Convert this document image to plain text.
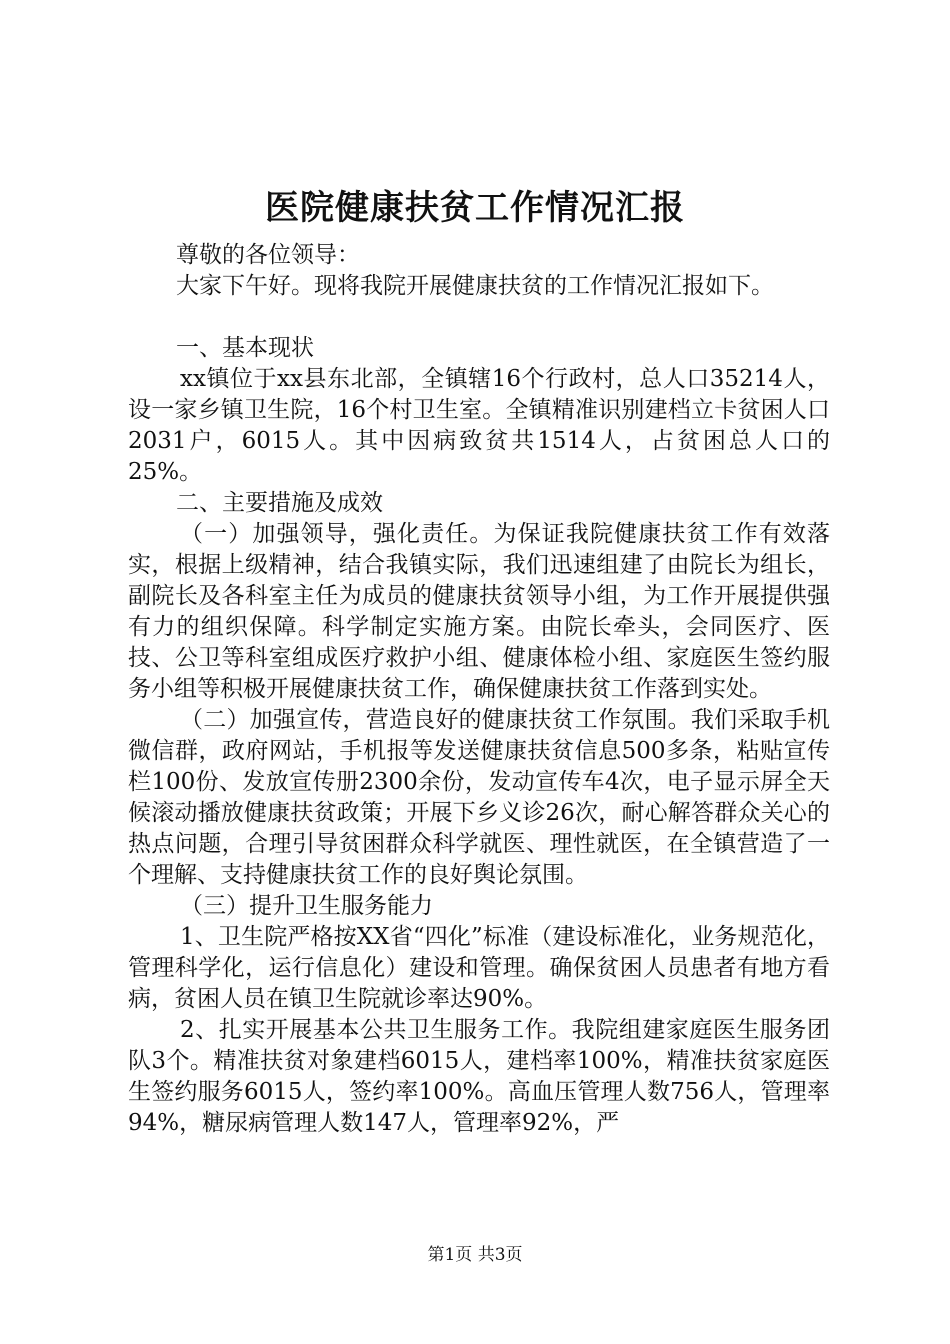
医院健康扶贫工作情况汇报

尊敬的各位领导：

大家下午好。现将我院开展健康扶贫的工作情况汇报如下。

一、基本现状

xx镇位于xx县东北部，全镇辖16个行政村，总人口35214人，设一家乡镇卫生院，16个村卫生室。全镇精准识别建档立卡贫困人口2031户，6015人。其中因病致贫共1514人，占贫困总人口的25%。

二、主要措施及成效

（一）加强领导，强化责任。为保证我院健康扶贫工作有效落实，根据上级精神，结合我镇实际，我们迅速组建了由院长为组长，副院长及各科室主任为成员的健康扶贫领导小组，为工作开展提供强有力的组织保障。科学制定实施方案。由院长牵头，会同医疗、医技、公卫等科室组成医疗救护小组、健康体检小组、家庭医生签约服务小组等积极开展健康扶贫工作，确保健康扶贫工作落到实处。

（二）加强宣传，营造良好的健康扶贫工作氛围。我们采取手机微信群，政府网站，手机报等发送健康扶贫信息500多条，粘贴宣传栏100份、发放宣传册2300余份，发动宣传车4次，电子显示屏全天候滚动播放健康扶贫政策；开展下乡义诊26次，耐心解答群众关心的热点问题，合理引导贫困群众科学就医、理性就医，在全镇营造了一个理解、支持健康扶贫工作的良好舆论氛围。

（三）提升卫生服务能力

1、卫生院严格按XX省“四化”标准（建设标准化，业务规范化，管理科学化，运行信息化）建设和管理。确保贫困人员患者有地方看病，贫困人员在镇卫生院就诊率达90%。

2、扎实开展基本公共卫生服务工作。我院组建家庭医生服务团队3个。精准扶贫对象建档6015人，建档率100%，精准扶贫家庭医生签约服务6015人，签约率100%。高血压管理人数756人，管理率94%，糖尿病管理人数147人，管理率92%，严

第1页 共3页
